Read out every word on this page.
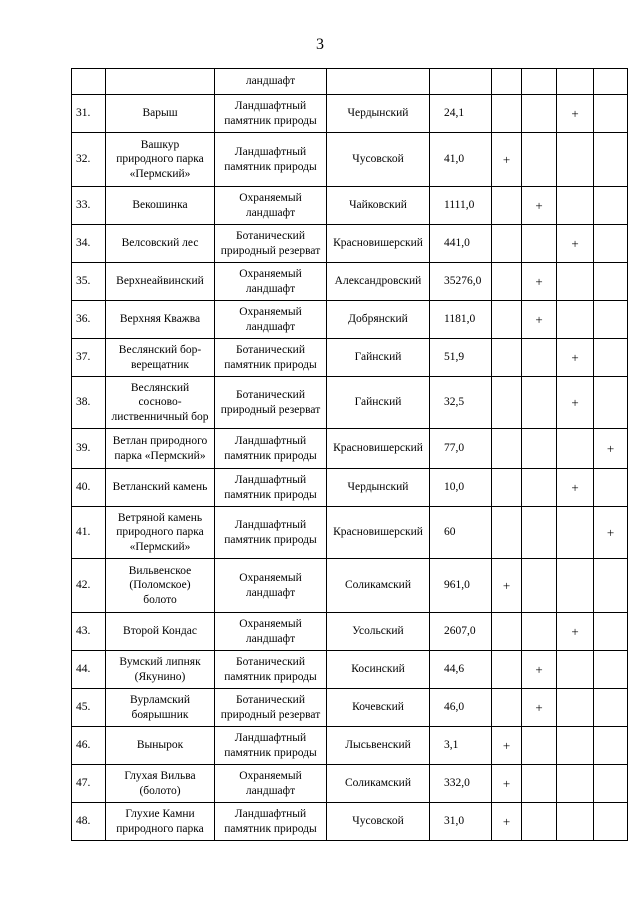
3
		ландшафт						
31.	Варыш	Ландшафтный
памятник природы	Чердынский	24,1			+	
32.	Вашкур
природного парка
«Пермский»	Ландшафтный
памятник природы	Чусовской	41,0	+			
33.	Векошинка	Охраняемый
ландшафт	Чайковский	1111,0		+		
34.	Велсовский лес	Ботанический
природный резерват	Красновишерский	441,0			+	
35.	Верхнеайвинский	Охраняемый
ландшафт	Александровский	35276,0		+		
36.	Верхняя Кважва	Охраняемый
ландшафт	Добрянский	1181,0		+		
37.	Веслянский бор-
верещатник	Ботанический
памятник природы	Гайнский	51,9			+	
38.	Веслянский
сосново-
лиственничный бор	Ботанический
природный резерват	Гайнский	32,5			+	
39.	Ветлан природного
парка «Пермский»	Ландшафтный
памятник природы	Красновишерский	77,0				+
40.	Ветланский камень	Ландшафтный
памятник природы	Чердынский	10,0			+	
41.	Ветряной камень
природного парка
«Пермский»	Ландшафтный
памятник природы	Красновишерский	60				+
42.	Вильвенское
(Поломское)
болото	Охраняемый
ландшафт	Соликамский	961,0	+			
43.	Второй Кондас	Охраняемый
ландшафт	Усольский	2607,0			+	
44.	Вумский липняк
(Якунино)	Ботанический
памятник природы	Косинский	44,6		+		
45.	Вурламский
боярышник	Ботанический
природный резерват	Кочевский	46,0		+		
46.	Вынырок	Ландшафтный
памятник природы	Лысьвенский	3,1	+			
47.	Глухая Вильва
(болото)	Охраняемый
ландшафт	Соликамский	332,0	+			
48.	Глухие Камни
природного парка	Ландшафтный
памятник природы	Чусовской	31,0	+			
